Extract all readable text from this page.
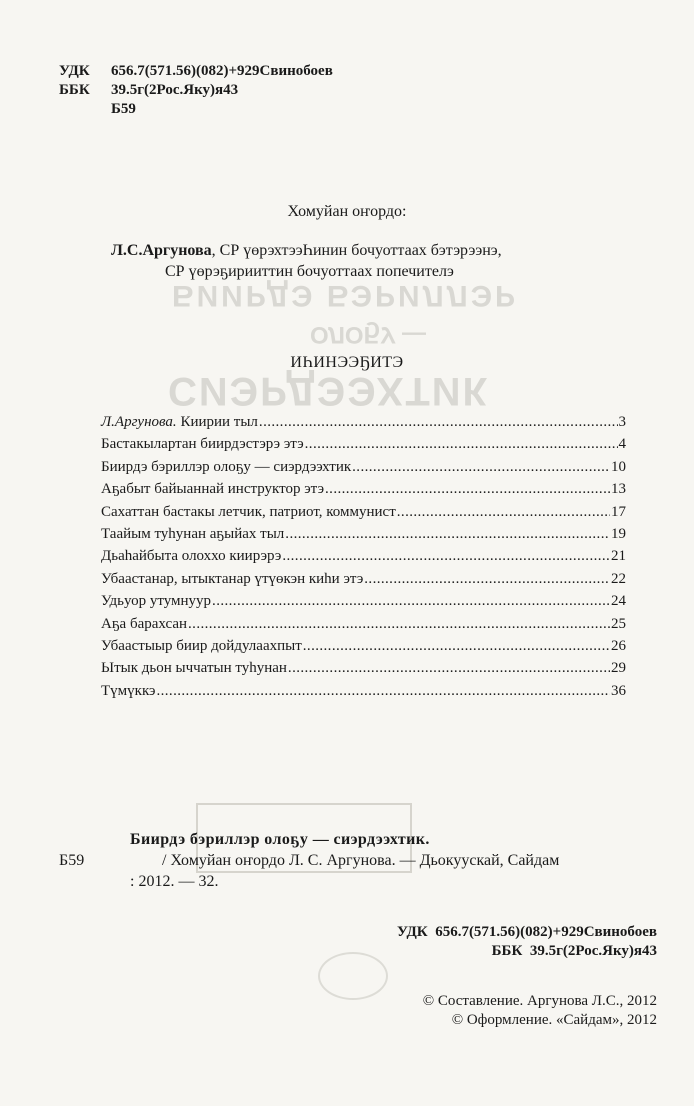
БИИРДЭ БЭРИЛЛЭР
ОЛОҔУ —
СИЭРДЭЭХТИК
УДК	656.7(571.56)(082)+929Свинобоев
ББК	39.5г(2Рос.Яку)я43
Б59
Хомуйан оҥордо:
Л.С.Аргунова, СР үөрэхтээҺинин бочуоттаах бэтэрээнэ,
СР үөрэҕирииттин бочуоттаах попечителэ
ИҺИНЭЭҔИТЭ
Л.Аргунова. Киирии тыл .....	3
Бастакылартан биирдэстэрэ этэ .....	4
Биирдэ бэриллэр олоҕу — сиэрдээхтик .....	10
Аҕабыт байыаннай инструктор этэ .....	13
Сахаттан бастакы летчик, патриот, коммунист .....	17
Таайым туһунан аҕыйах тыл .....	19
Дьаһайбыта олоххо киирэрэ .....	21
Убаастанар, ытыктанар үтүөкэн киһи этэ .....	22
Удьуор утумнуур .....	24
Аҕа барахсан .....	25
Убаастыыр биир дойдулаахпыт .....	26
Ытык дьон ыччатын туһунан .....	29
Түмүккэ .....	36
Б59
Биирдэ бэриллэр олоҕу — сиэрдээхтик.
/ Хомуйан оҥордо Л. С. Аргунова. — Дьокуускай, Сайдам
: 2012. — 32.
УДК 656.7(571.56)(082)+929Свинобоев
ББК 39.5г(2Рос.Яку)я43
© Составление. Аргунова Л.С., 2012
© Оформление. «Сайдам», 2012
